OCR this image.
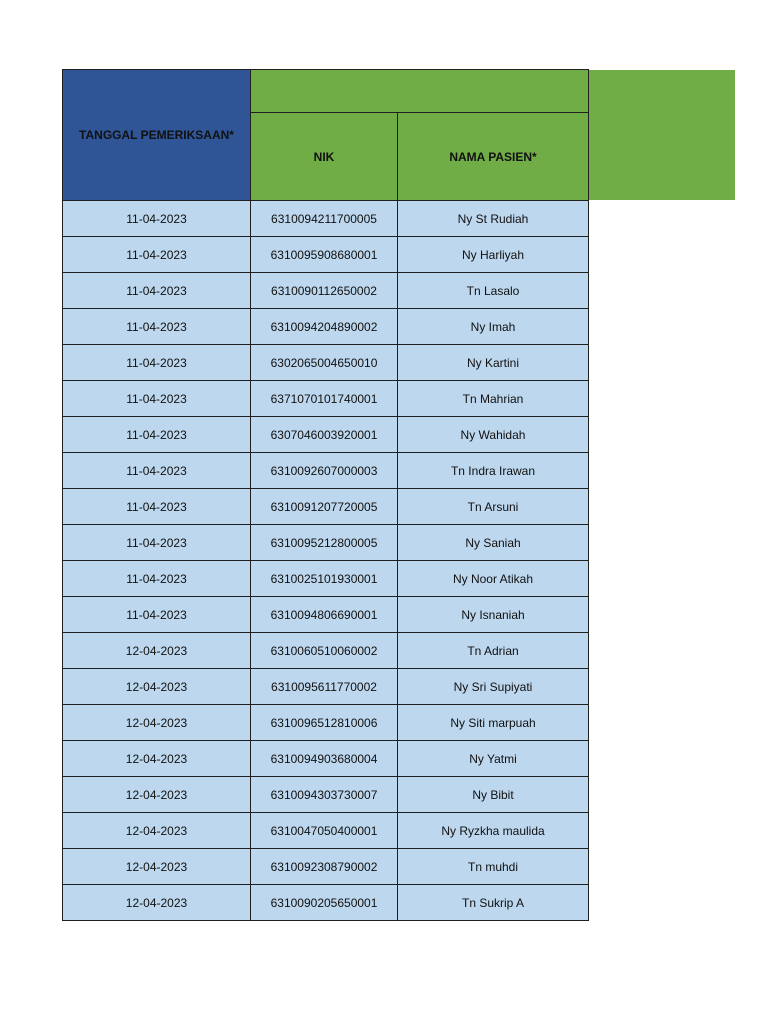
TANGGAL PEMERIKSAAN*		
	NIK	NAMA PASIEN*
11-04-2023	6310094211700005	Ny St Rudiah
11-04-2023	6310095908680001	Ny Harliyah
11-04-2023	6310090112650002	Tn Lasalo
11-04-2023	6310094204890002	Ny Imah
11-04-2023	6302065004650010	Ny Kartini
11-04-2023	6371070101740001	Tn Mahrian
11-04-2023	6307046003920001	Ny Wahidah
11-04-2023	6310092607000003	Tn Indra Irawan
11-04-2023	6310091207720005	Tn Arsuni
11-04-2023	6310095212800005	Ny Saniah
11-04-2023	6310025101930001	Ny Noor Atikah
11-04-2023	6310094806690001	Ny Isnaniah
12-04-2023	6310060510060002	Tn Adrian
12-04-2023	6310095611770002	Ny Sri Supiyati
12-04-2023	6310096512810006	Ny Siti marpuah
12-04-2023	6310094903680004	Ny Yatmi
12-04-2023	6310094303730007	Ny Bibit
12-04-2023	6310047050400001	Ny Ryzkha maulida
12-04-2023	6310092308790002	Tn muhdi
12-04-2023	6310090205650001	Tn Sukrip A
